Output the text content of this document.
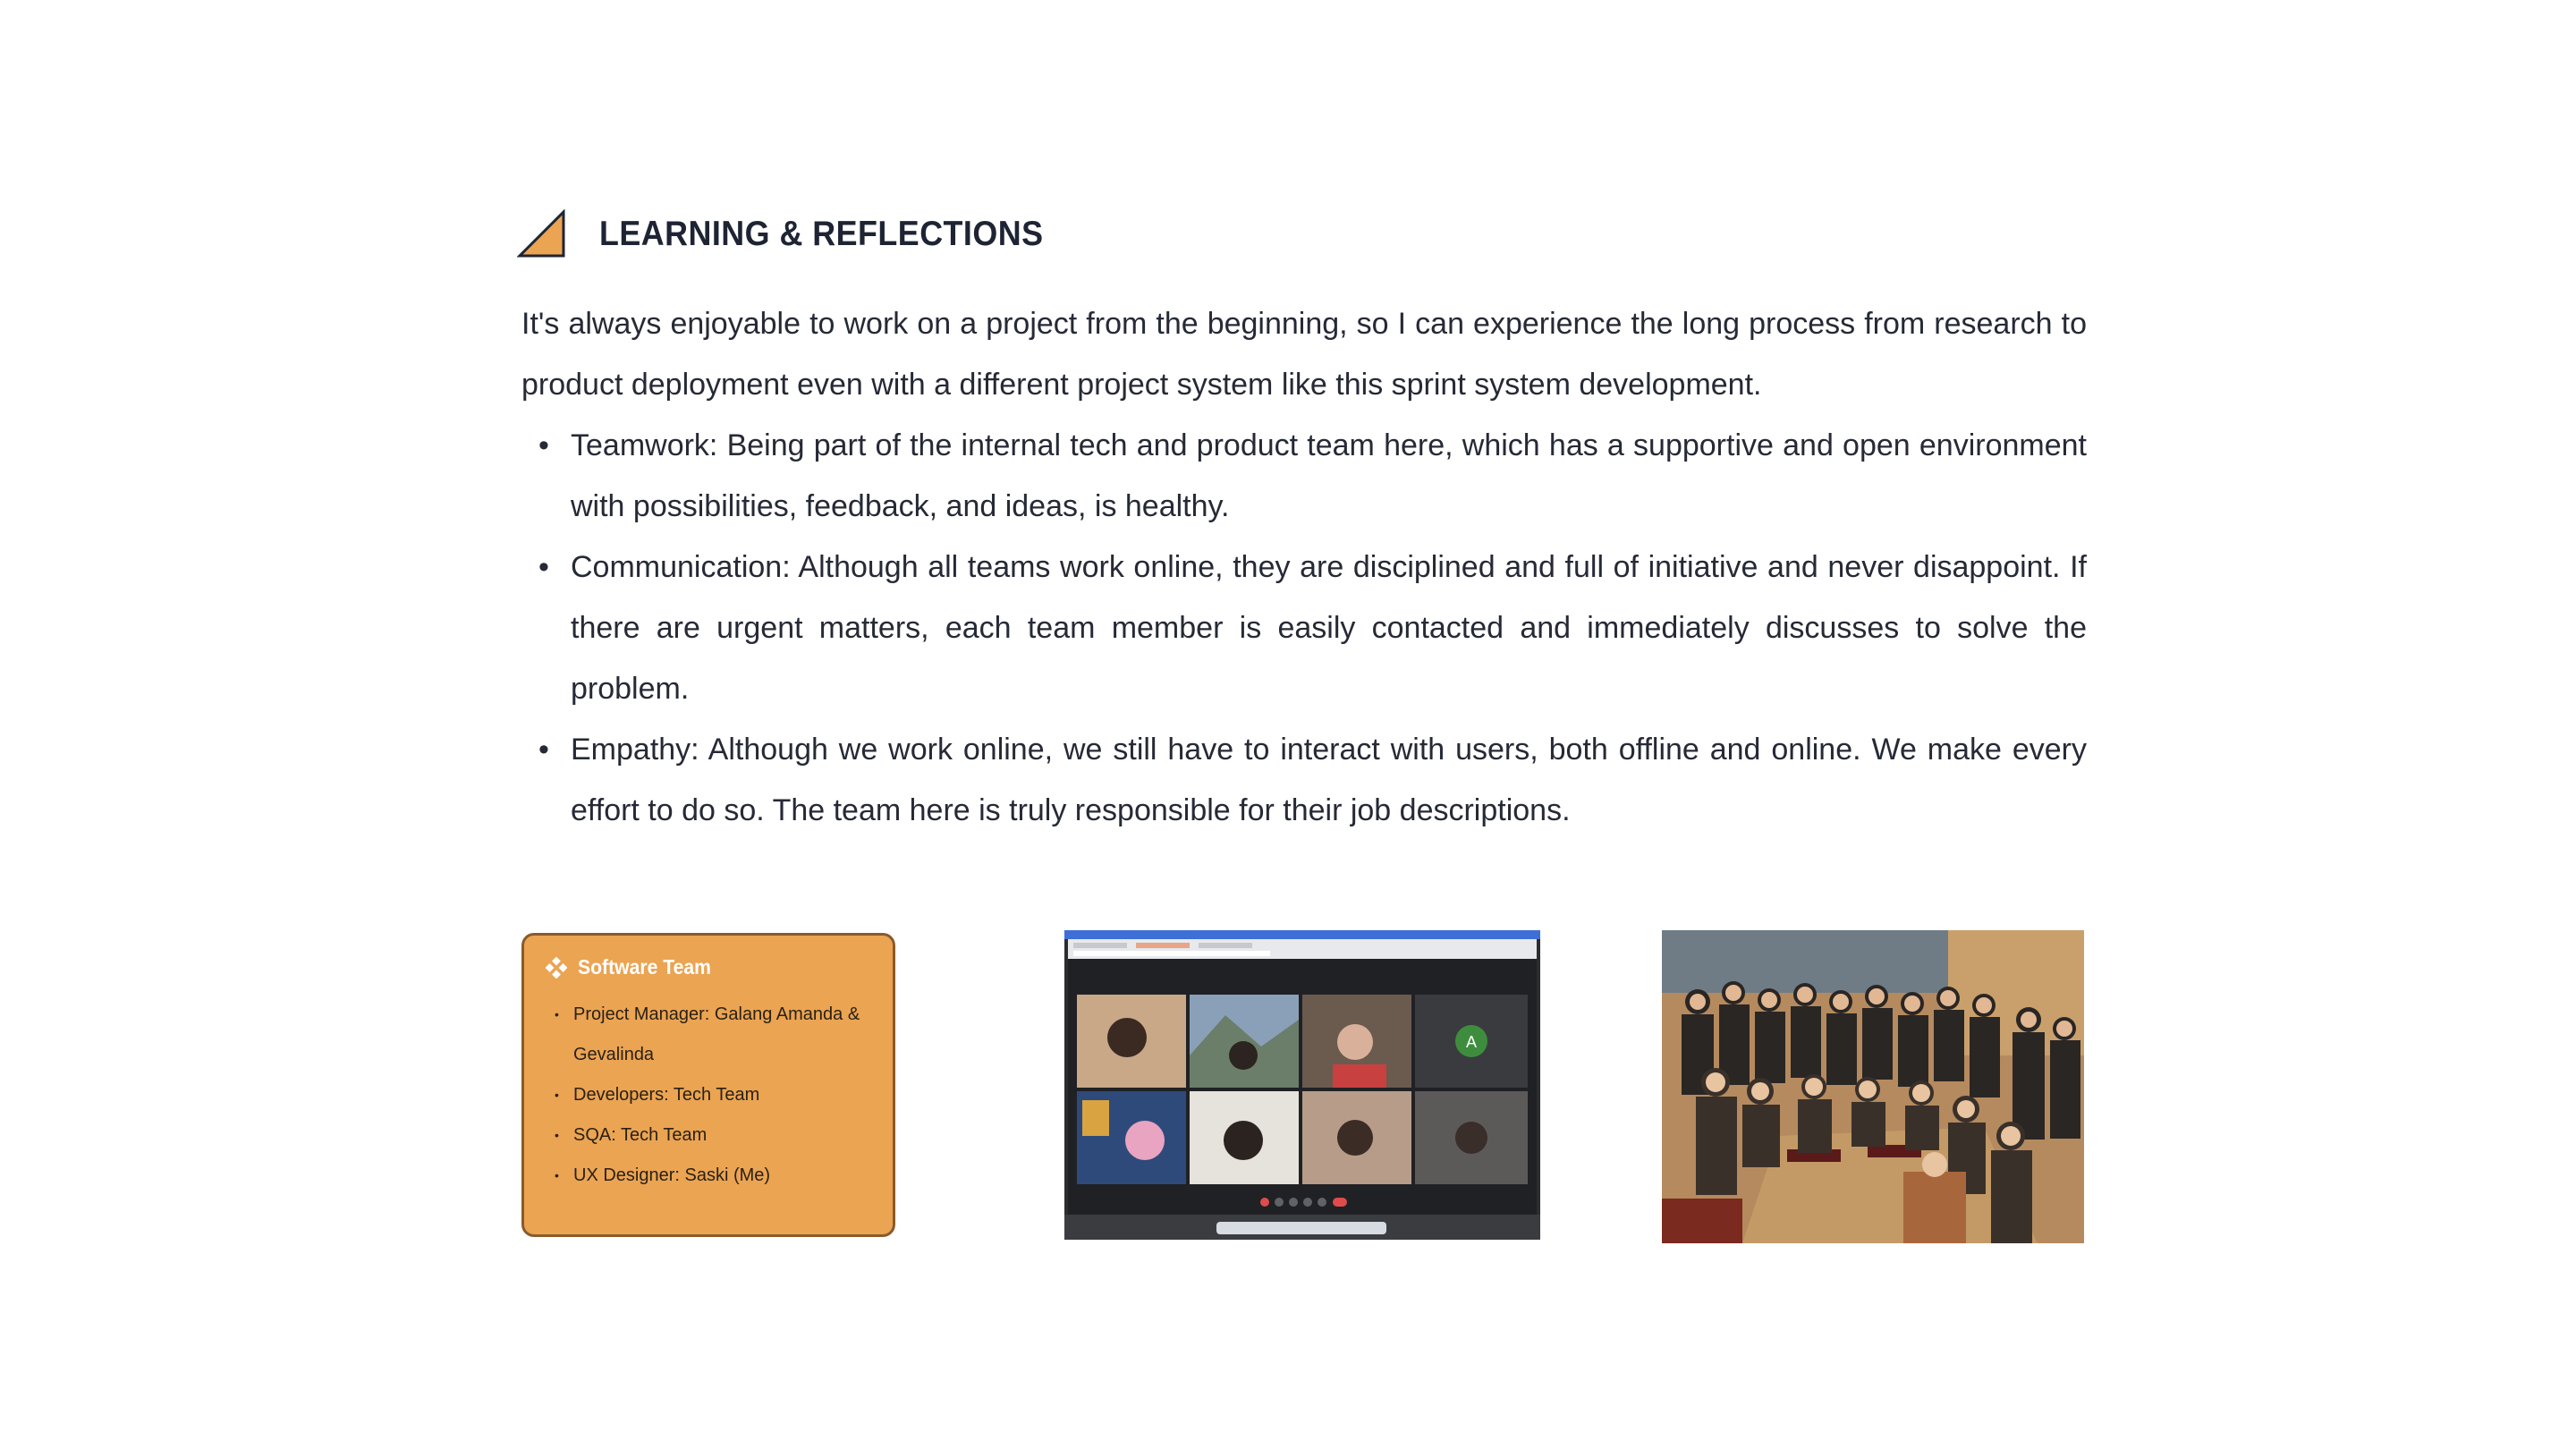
LEARNING & REFLECTIONS

It's always enjoyable to work on a project from the beginning, so I can experience the long process from research to product deployment even with a different project system like this sprint system development.

• Teamwork: Being part of the internal tech and product team here, which has a supportive and open environment with possibilities, feedback, and ideas, is healthy.
• Communication: Although all teams work online, they are disciplined and full of initiative and never disappoint. If there are urgent matters, each team member is easily contacted and immediately discusses to solve the problem.
• Empathy: Although we work online, we still have to interact with users, both offline and online. We make every effort to do so. The team here is truly responsible for their job descriptions.
Software Team
• Project Manager: Galang Amanda & Gevalinda
• Developers: Tech Team
• SQA: Tech Team
• UX Designer: Saski (Me)
A
